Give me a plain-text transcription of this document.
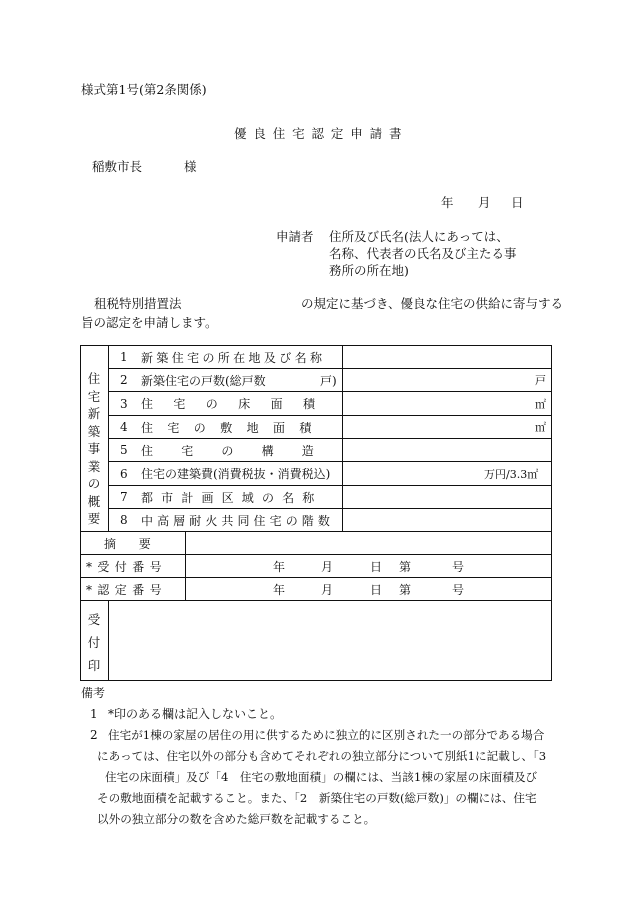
様式第1号(第2条関係)
優良住宅認定申請書
稲敷市長	様
年 月 日
申請者 住所及び氏名(法人にあっては、
名称、代表者の氏名及び主たる事
務所の所在地)
租税特別措置法	の規定に基づき、優良な住宅の供給に寄与する
旨の認定を申請します。
住宅新築事業の概要
1 新築住宅の所在地及び名称
2 新築住宅の戸数(総戸数	戸)	戸
3 住宅の床面積	㎡
4 住宅の敷地面積	㎡
5 住宅の構造
6 住宅の建築費(消費税抜・消費税込)	万円/3.3㎡
7 都市計画区域の名称
8 中高層耐火共同住宅の階数
摘要
*受付番号	年	月	日 第	号
*認定番号	年	月	日 第	号
受付印
備考
1 *印のある欄は記入しないこと。
2 住宅が1棟の家屋の居住の用に供するために独立的に区別された一の部分である場合
にあっては、住宅以外の部分も含めてそれぞれの独立部分について別紙1に記載し、「3
住宅の床面積」及び「4　住宅の敷地面積」の欄には、当該1棟の家屋の床面積及び
その敷地面積を記載すること。また、「2　新築住宅の戸数(総戸数)」の欄には、住宅
以外の独立部分の数を含めた総戸数を記載すること。
